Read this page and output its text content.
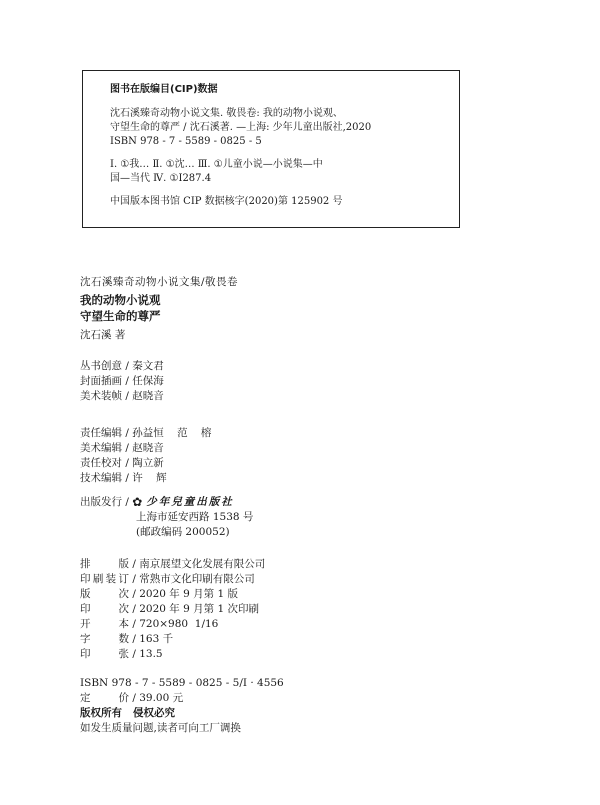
图书在版编目(CIP)数据
沈石溪臻奇动物小说文集. 敬畏卷: 我的动物小说观、
守望生命的尊严 / 沈石溪著. —上海: 少年儿童出版社,2020
ISBN 978 - 7 - 5589 - 0825 - 5
Ⅰ. ①我… Ⅱ. ①沈… Ⅲ. ①儿童小说—小说集—中
国—当代 Ⅳ. ①I287.4
中国版本图书馆 CIP 数据核字(2020)第 125902 号
沈石溪臻奇动物小说文集/敬畏卷
我的动物小说观
守望生命的尊严
沈石溪 著
丛书创意 / 秦文君
封面插画 / 任保海
美术装帧 / 赵晓音
责任编辑 / 孙益恒    范    榕
美术编辑 / 赵晓音
责任校对 / 陶立新
技术编辑 / 许    辉
出版发行 / ✿ 少年兒童出版社
上海市延安西路 1538 号
(邮政编码 200052)
排版 / 南京展望文化发展有限公司
印刷装订 / 常熟市文化印刷有限公司
版次 / 2020 年 9 月第 1 版
印次 / 2020 年 9 月第 1 次印刷
开本 / 720×980  1/16
字数 / 163 千
印张 / 13.5
ISBN 978 - 7 - 5589 - 0825 - 5/I · 4556
定价 / 39.00 元
版权所有   侵权必究
如发生质量问题,读者可向工厂调换
